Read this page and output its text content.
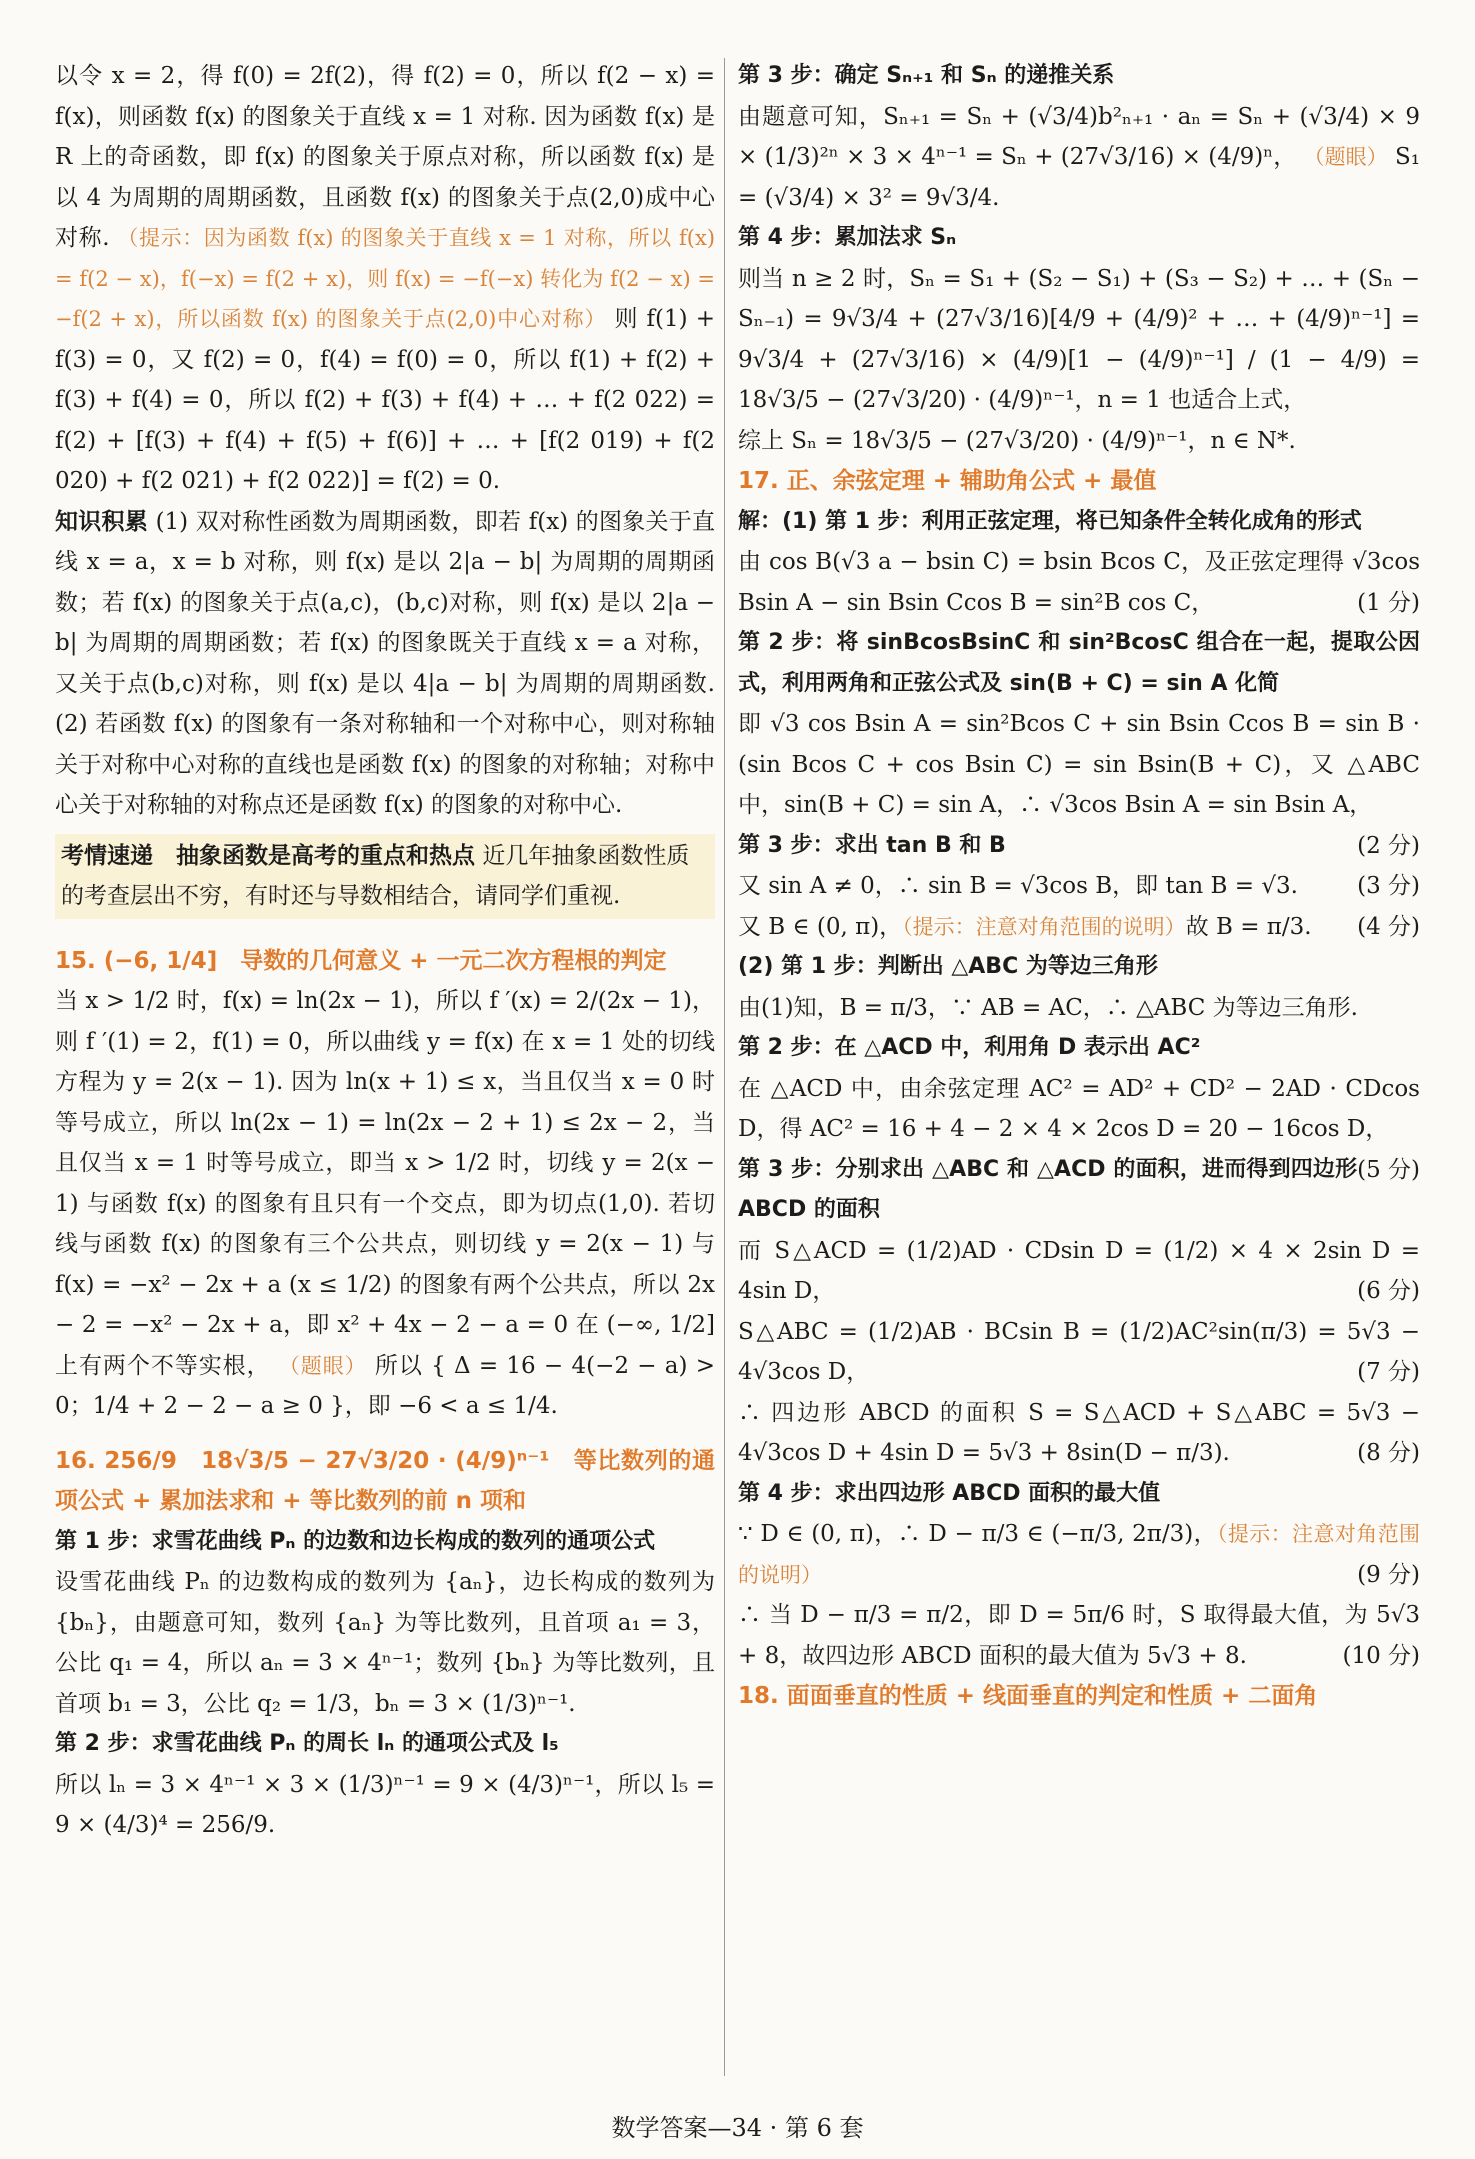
以令 x = 2，得 f(0) = 2f(2)，得 f(2) = 0，所以 f(2 − x) = f(x)，则函数 f(x) 的图象关于直线 x = 1 对称. 因为函数 f(x) 是 R 上的奇函数，即 f(x) 的图象关于原点对称，所以函数 f(x) 是以 4 为周期的周期函数，且函数 f(x) 的图象关于点(2,0)成中心对称. （提示：因为函数 f(x) 的图象关于直线 x = 1 对称，所以 f(x) = f(2 − x)，f(−x) = f(2 + x)，则 f(x) = −f(−x) 转化为 f(2 − x) = −f(2 + x)，所以函数 f(x) 的图象关于点(2,0)中心对称） 则 f(1) + f(3) = 0，又 f(2) = 0，f(4) = f(0) = 0，所以 f(1) + f(2) + f(3) + f(4) = 0，所以 f(2) + f(3) + f(4) + … + f(2 022) = f(2) + [f(3) + f(4) + f(5) + f(6)] + … + [f(2 019) + f(2 020) + f(2 021) + f(2 022)] = f(2) = 0.

知识积累 (1) 双对称性函数为周期函数，即若 f(x) 的图象关于直线 x = a，x = b 对称，则 f(x) 是以 2|a − b| 为周期的周期函数；若 f(x) 的图象关于点(a,c)，(b,c)对称，则 f(x) 是以 2|a − b| 为周期的周期函数；若 f(x) 的图象既关于直线 x = a 对称，又关于点(b,c)对称，则 f(x) 是以 4|a − b| 为周期的周期函数. (2) 若函数 f(x) 的图象有一条对称轴和一个对称中心，则对称轴关于对称中心对称的直线也是函数 f(x) 的图象的对称轴；对称中心关于对称轴的对称点还是函数 f(x) 的图象的对称中心.

考情速递　抽象函数是高考的重点和热点 近几年抽象函数性质的考查层出不穷，有时还与导数相结合，请同学们重视.

15. (−6, 1/4]　导数的几何意义 + 一元二次方程根的判定

当 x > 1/2 时，f(x) = ln(2x − 1)，所以 f ′(x) = 2/(2x − 1)，则 f ′(1) = 2，f(1) = 0，所以曲线 y = f(x) 在 x = 1 处的切线方程为 y = 2(x − 1). 因为 ln(x + 1) ≤ x，当且仅当 x = 0 时等号成立，所以 ln(2x − 1) = ln(2x − 2 + 1) ≤ 2x − 2，当且仅当 x = 1 时等号成立，即当 x > 1/2 时，切线 y = 2(x − 1) 与函数 f(x) 的图象有且只有一个交点，即为切点(1,0). 若切线与函数 f(x) 的图象有三个公共点，则切线 y = 2(x − 1) 与 f(x) = −x² − 2x + a (x ≤ 1/2) 的图象有两个公共点，所以 2x − 2 = −x² − 2x + a，即 x² + 4x − 2 − a = 0 在 (−∞, 1/2] 上有两个不等实根， （题眼） 所以 { Δ = 16 − 4(−2 − a) > 0；1/4 + 2 − 2 − a ≥ 0 }，即 −6 < a ≤ 1/4.

16. 256/9　18√3/5 − 27√3/20 · (4/9)ⁿ⁻¹　等比数列的通项公式 + 累加法求和 + 等比数列的前 n 项和

第 1 步：求雪花曲线 Pₙ 的边数和边长构成的数列的通项公式

设雪花曲线 Pₙ 的边数构成的数列为 {aₙ}，边长构成的数列为 {bₙ}，由题意可知，数列 {aₙ} 为等比数列，且首项 a₁ = 3，公比 q₁ = 4，所以 aₙ = 3 × 4ⁿ⁻¹；数列 {bₙ} 为等比数列，且首项 b₁ = 3，公比 q₂ = 1/3，bₙ = 3 × (1/3)ⁿ⁻¹.

第 2 步：求雪花曲线 Pₙ 的周长 lₙ 的通项公式及 l₅

所以 lₙ = 3 × 4ⁿ⁻¹ × 3 × (1/3)ⁿ⁻¹ = 9 × (4/3)ⁿ⁻¹，所以 l₅ = 9 × (4/3)⁴ = 256/9.

第 3 步：确定 Sₙ₊₁ 和 Sₙ 的递推关系

由题意可知，Sₙ₊₁ = Sₙ + (√3/4)b²ₙ₊₁ · aₙ = Sₙ + (√3/4) × 9 × (1/3)²ⁿ × 3 × 4ⁿ⁻¹ = Sₙ + (27√3/16) × (4/9)ⁿ， （题眼） S₁ = (√3/4) × 3² = 9√3/4.

第 4 步：累加法求 Sₙ

则当 n ≥ 2 时，Sₙ = S₁ + (S₂ − S₁) + (S₃ − S₂) + … + (Sₙ − Sₙ₋₁) = 9√3/4 + (27√3/16)[4/9 + (4/9)² + … + (4/9)ⁿ⁻¹] = 9√3/4 + (27√3/16) × (4/9)[1 − (4/9)ⁿ⁻¹] / (1 − 4/9) = 18√3/5 − (27√3/20) · (4/9)ⁿ⁻¹，n = 1 也适合上式，

综上 Sₙ = 18√3/5 − (27√3/20) · (4/9)ⁿ⁻¹，n ∈ N*.

17. 正、余弦定理 + 辅助角公式 + 最值

解：(1) 第 1 步：利用正弦定理，将已知条件全转化成角的形式

由 cos B(√3 a − bsin C) = bsin Bcos C，及正弦定理得 √3cos Bsin A − sin Bsin Ccos B = sin²B cos C，	(1 分)

第 2 步：将 sinBcosBsinC 和 sin²BcosC 组合在一起，提取公因式，利用两角和正弦公式及 sin(B + C) = sin A 化简

即 √3 cos Bsin A = sin²Bcos C + sin Bsin Ccos B = sin B · (sin Bcos C + cos Bsin C) = sin Bsin(B + C)，又 △ABC 中，sin(B + C) = sin A，∴ √3cos Bsin A = sin Bsin A，
(2 分)

第 3 步：求出 tan B 和 B

又 sin A ≠ 0，∴ sin B = √3cos B，即 tan B = √3.	(3 分)

又 B ∈ (0, π)，（提示：注意对角范围的说明）故 B = π/3. (4 分)

(2) 第 1 步：判断出 △ABC 为等边三角形

由(1)知，B = π/3，∵ AB = AC，∴ △ABC 为等边三角形.

第 2 步：在 △ACD 中，利用角 D 表示出 AC²

在 △ACD 中，由余弦定理 AC² = AD² + CD² − 2AD · CDcos D，得 AC² = 16 + 4 − 2 × 4 × 2cos D = 20 − 16cos D，
(5 分)

第 3 步：分别求出 △ABC 和 △ACD 的面积，进而得到四边形 ABCD 的面积

而 S△ACD = (1/2)AD · CDsin D = (1/2) × 4 × 2sin D = 4sin D，	(6 分)

S△ABC = (1/2)AB · BCsin B = (1/2)AC²sin(π/3) = 5√3 − 4√3cos D，	(7 分)

∴ 四边形 ABCD 的面积 S = S△ACD + S△ABC = 5√3 − 4√3cos D + 4sin D = 5√3 + 8sin(D − π/3).	(8 分)

第 4 步：求出四边形 ABCD 面积的最大值

∵ D ∈ (0, π)，∴ D − π/3 ∈ (−π/3, 2π/3)，（提示：注意对角范围的说明）	(9 分)

∴ 当 D − π/3 = π/2，即 D = 5π/6 时，S 取得最大值，为 5√3 + 8，故四边形 ABCD 面积的最大值为 5√3 + 8.	(10 分)

18. 面面垂直的性质 + 线面垂直的判定和性质 + 二面角

数学答案—34 · 第 6 套
